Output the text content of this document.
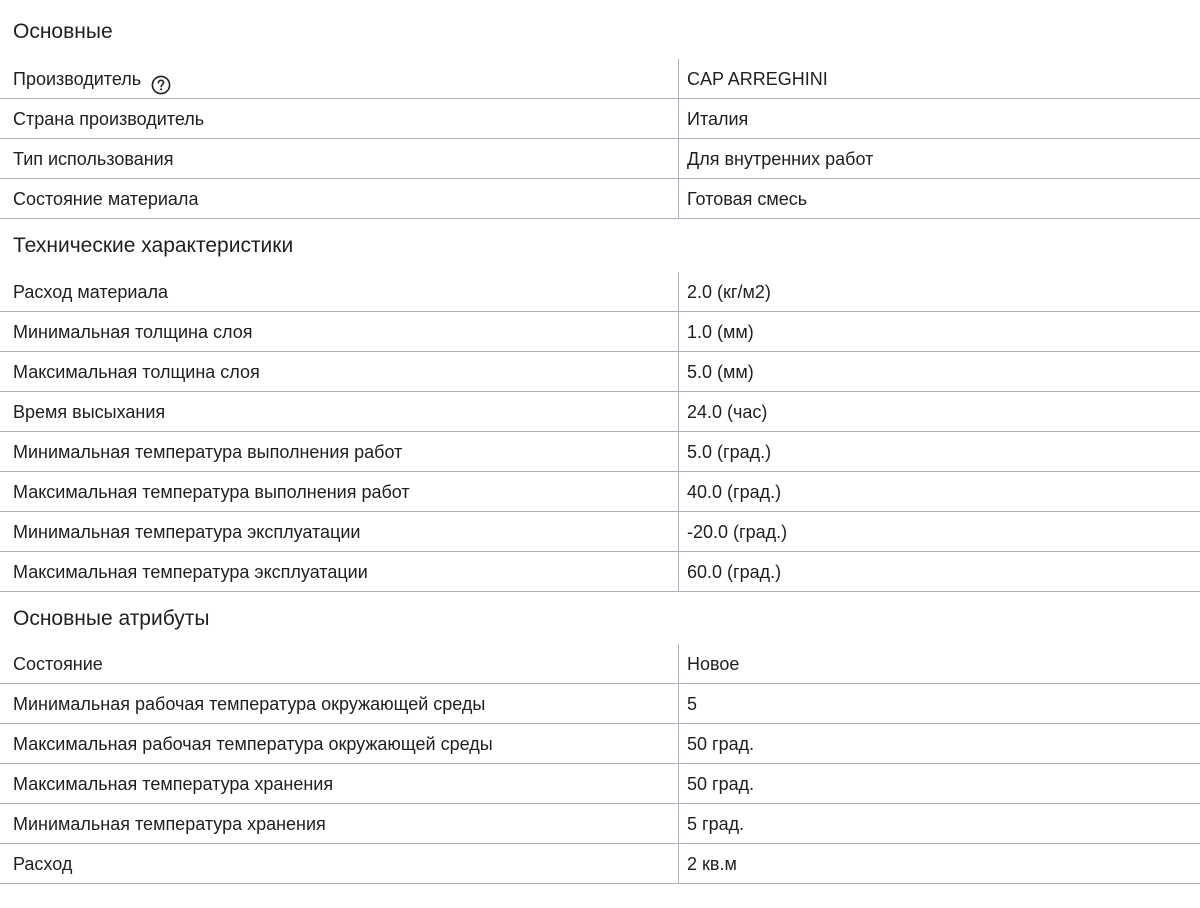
Основные
Производитель	CAP ARREGHINI
Страна производитель	Италия
Тип использования	Для внутренних работ
Состояние материала	Готовая смесь
Технические характеристики
Расход материала	2.0 (кг/м2)
Минимальная толщина слоя	1.0 (мм)
Максимальная толщина слоя	5.0 (мм)
Время высыхания	24.0 (час)
Минимальная температура выполнения работ	5.0 (град.)
Максимальная температура выполнения работ	40.0 (град.)
Минимальная температура эксплуатации	-20.0 (град.)
Максимальная температура эксплуатации	60.0 (град.)
Основные атрибуты
Состояние	Новое
Минимальная рабочая температура окружающей среды	5
Максимальная рабочая температура окружающей среды	50 град.
Максимальная температура хранения	50 град.
Минимальная температура хранения	5 град.
Расход	2 кв.м
